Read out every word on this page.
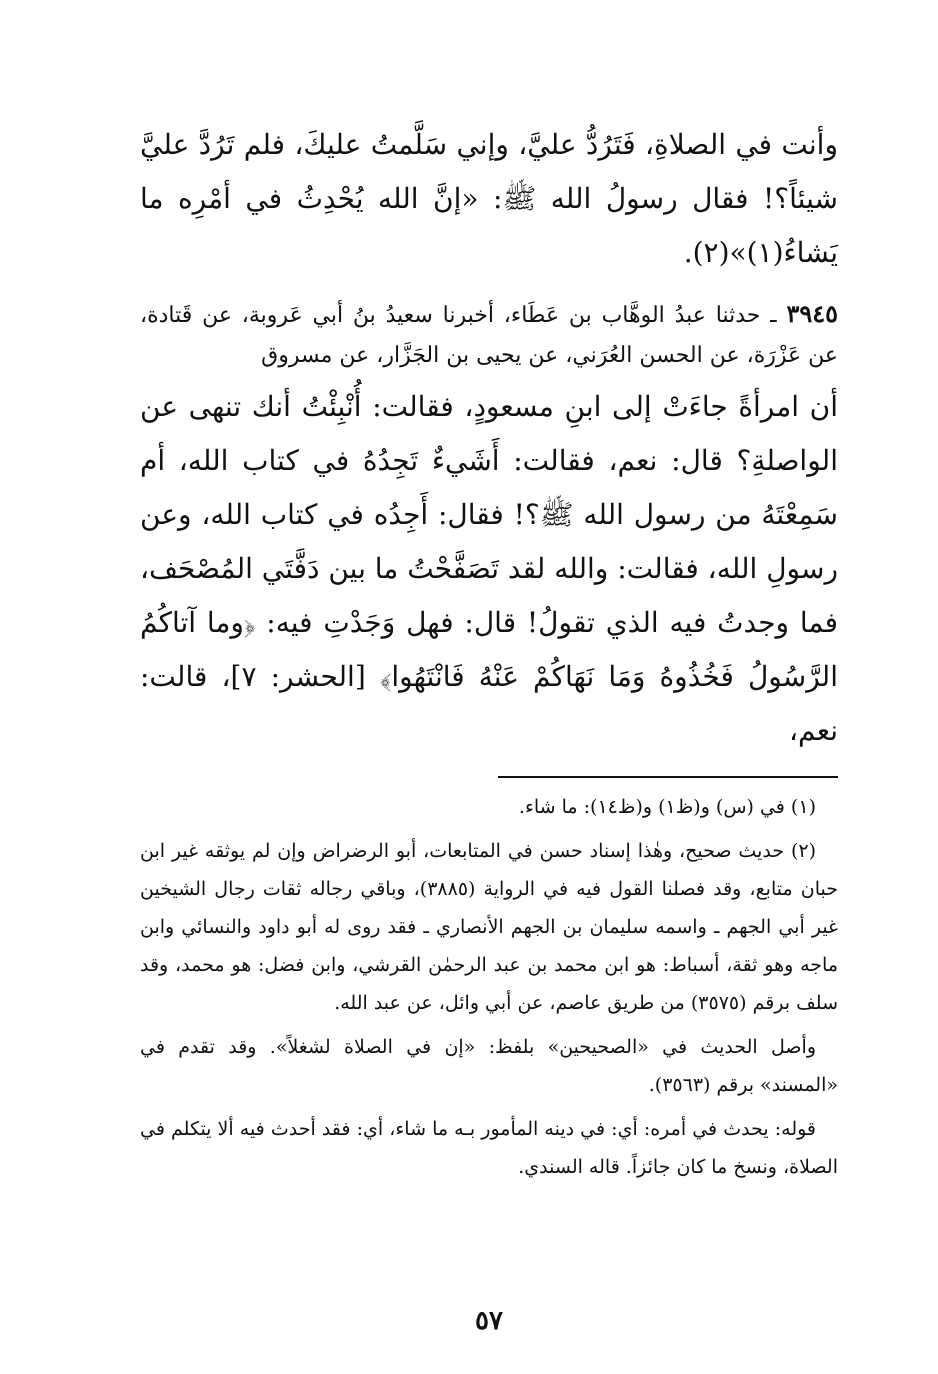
وأنت في الصلاةِ، فَتَرُدُّ عليَّ، وإني سَلَّمتُ عليكَ، فلم تَرُدَّ عليَّ شيئاً؟! فقال رسولُ الله ﷺ: «إنَّ الله يُحْدِثُ في أمْرِه ما يَشاءُ(١)»(٢).

٣٩٤٥ ـ حدثنا عبدُ الوهَّاب بن عَطَاء، أخبرنا سعيدُ بنُ أبي عَروبة، عن قَتادة، عن عَزْرَة، عن الحسن العُرَني، عن يحيى بن الجَزَّار، عن مسروق

أن امرأةً جاءَتْ إلى ابنِ مسعودٍ، فقالت: أُنْبِئْتُ أنك تنهى عن الواصلةِ؟ قال: نعم، فقالت: أَشَيءٌ تَجِدُهُ في كتاب الله، أم سَمِعْتَهُ من رسول الله ﷺ؟! فقال: أَجِدُه في كتاب الله، وعن رسولِ الله، فقالت: والله لقد تَصَفَّحْتُ ما بين دَفَّتَي المُصْحَف، فما وجدتُ فيه الذي تقولُ! قال: فهل وَجَدْتِ فيه: ﴿وما آتاكُمُ الرَّسُولُ فَخُذُوهُ وَمَا نَهَاكُمْ عَنْهُ فَانْتَهُوا﴾ [الحشر: ٧]، قالت: نعم،

(١) في (س) و(ظ١) و(ظ١٤): ما شاء.

(٢) حديث صحيح، وهٰذا إسناد حسن في المتابعات، أبو الرضراض وإن لم يوثقه غير ابن حبان متابع، وقد فصلنا القول فيه في الرواية (٣٨٨٥)، وباقي رجاله ثقات رجال الشيخين غير أبي الجهم ـ واسمه سليمان بن الجهم الأنصاري ـ فقد روى له أبو داود والنسائي وابن ماجه وهو ثقة، أسباط: هو ابن محمد بن عبد الرحمٰن القرشي، وابن فضل: هو محمد، وقد سلف برقم (٣٥٧٥) من طريق عاصم، عن أبي وائل، عن عبد الله.

وأصل الحديث في «الصحيحين» بلفظ: «إن في الصلاة لشغلاً». وقد تقدم في «المسند» برقم (٣٥٦٣).

قوله: يحدث في أمره: أي: في دينه المأمور بـه ما شاء، أي: فقد أحدث فيه ألا يتكلم في الصلاة، ونسخ ما كان جائزاً. قاله السندي.

٥٧
